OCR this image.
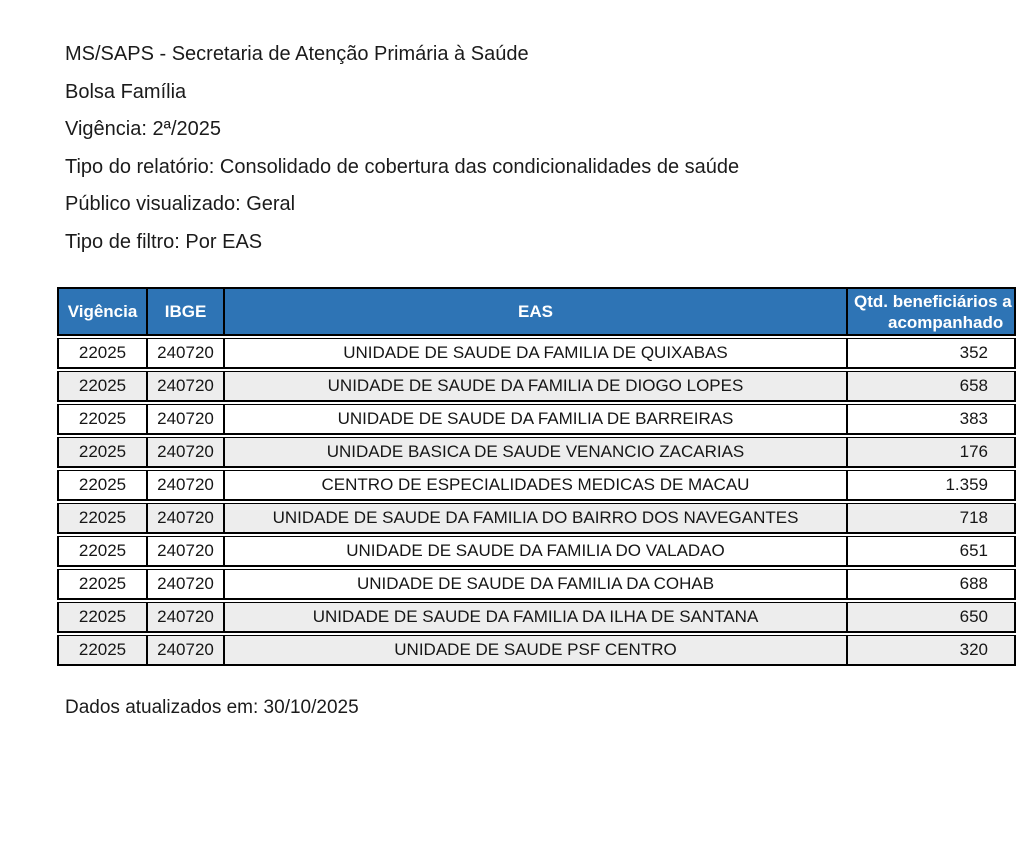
MS/SAPS - Secretaria de Atenção Primária à Saúde
Bolsa Família
Vigência: 2ª/2025
Tipo do relatório: Consolidado de cobertura das condicionalidades de saúde
Público visualizado: Geral
Tipo de filtro: Por EAS
Vigência	IBGE	EAS	Qtd. beneficiários a
acompanhado

22025	240720	UNIDADE DE SAUDE DA FAMILIA DE QUIXABAS	352
22025	240720	UNIDADE DE SAUDE DA FAMILIA DE DIOGO LOPES	658
22025	240720	UNIDADE DE SAUDE DA FAMILIA DE BARREIRAS	383
22025	240720	UNIDADE BASICA DE SAUDE VENANCIO ZACARIAS	176
22025	240720	CENTRO DE ESPECIALIDADES MEDICAS DE MACAU	1.359
22025	240720	UNIDADE DE SAUDE DA FAMILIA DO BAIRRO DOS NAVEGANTES	718
22025	240720	UNIDADE DE SAUDE DA FAMILIA DO VALADAO	651
22025	240720	UNIDADE DE SAUDE DA FAMILIA DA COHAB	688
22025	240720	UNIDADE DE SAUDE DA FAMILIA DA ILHA DE SANTANA	650
22025	240720	UNIDADE DE SAUDE PSF CENTRO	320
Dados atualizados em: 30/10/2025
